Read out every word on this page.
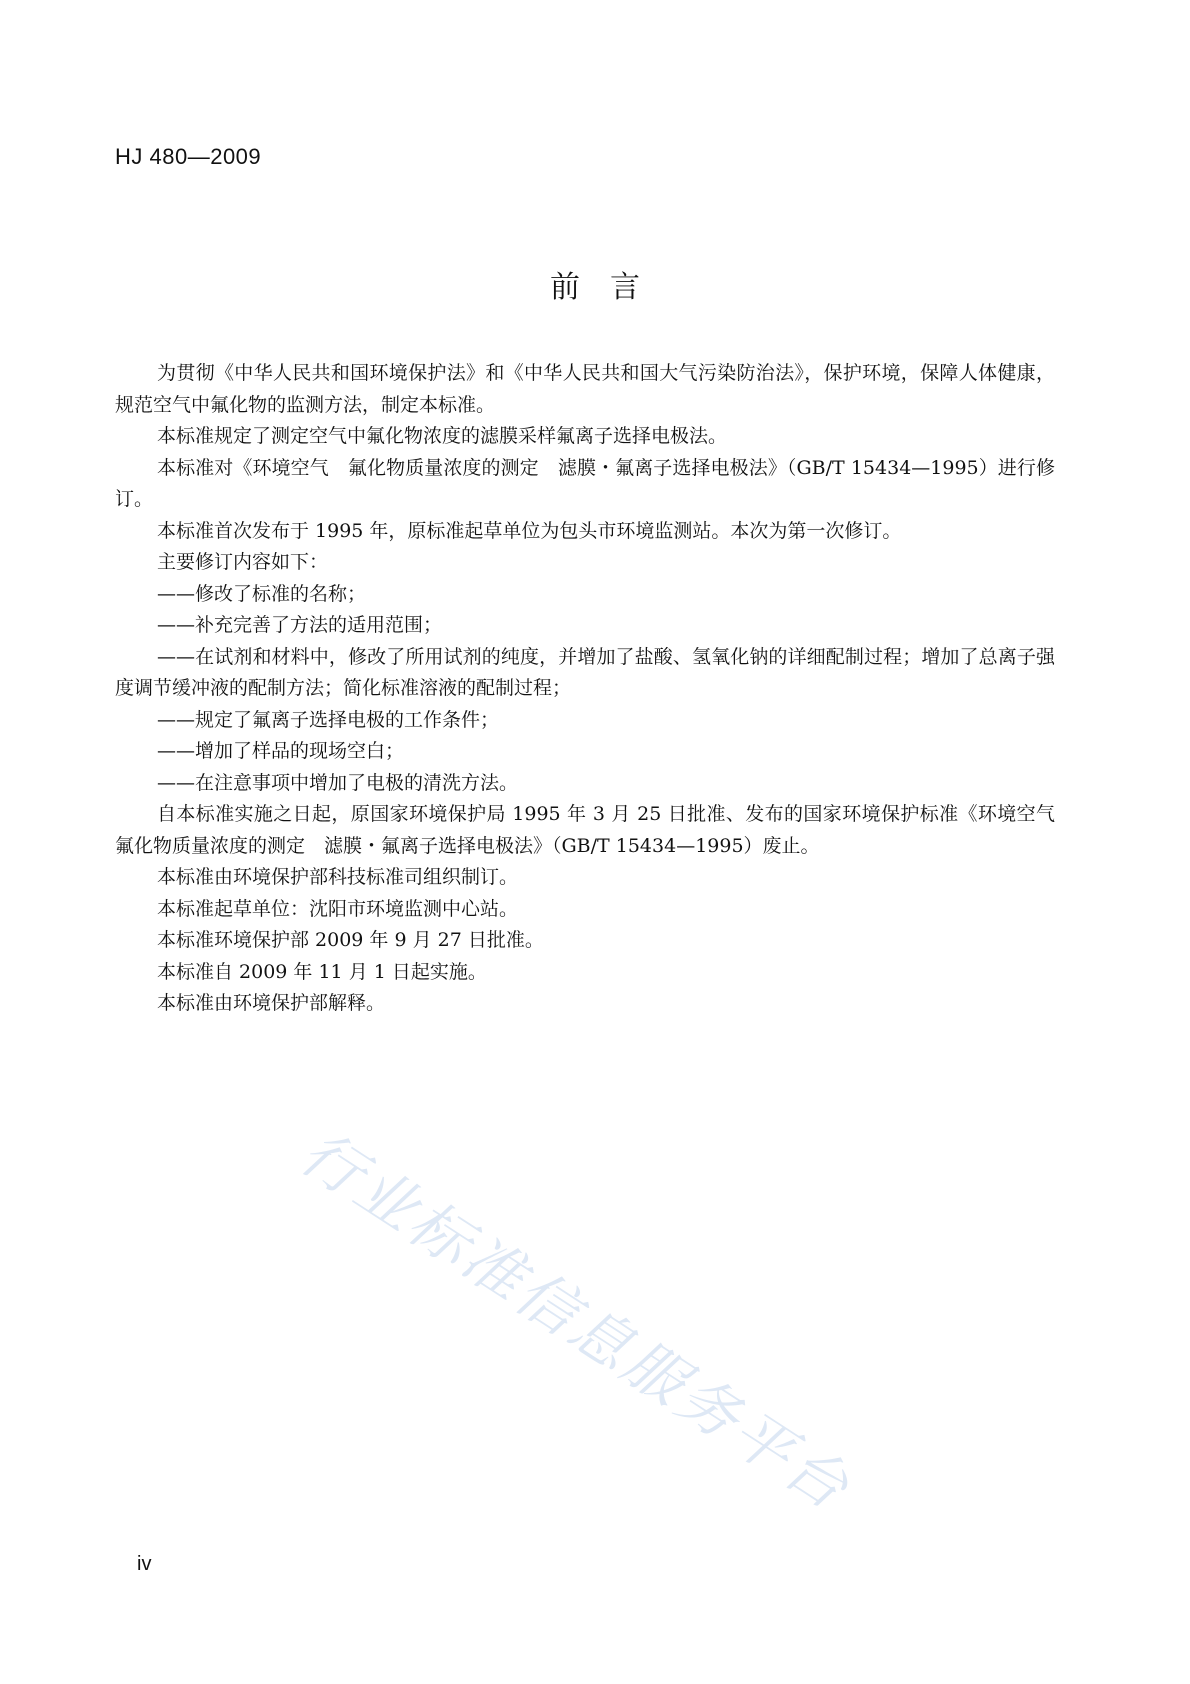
HJ 480—2009
前言

为贯彻《中华人民共和国环境保护法》和《中华人民共和国大气污染防治法》，保护环境，保障人体健康，规范空气中氟化物的监测方法，制定本标准。

本标准规定了测定空气中氟化物浓度的滤膜采样氟离子选择电极法。

本标准对《环境空气　氟化物质量浓度的测定　滤膜・氟离子选择电极法》（GB/T 15434—1995）进行修订。

本标准首次发布于 1995 年，原标准起草单位为包头市环境监测站。本次为第一次修订。

主要修订内容如下：

——修改了标准的名称；

——补充完善了方法的适用范围；

——在试剂和材料中，修改了所用试剂的纯度，并增加了盐酸、氢氧化钠的详细配制过程；增加了总离子强度调节缓冲液的配制方法；简化标准溶液的配制过程；

——规定了氟离子选择电极的工作条件；

——增加了样品的现场空白；

——在注意事项中增加了电极的清洗方法。

自本标准实施之日起，原国家环境保护局 1995 年 3 月 25 日批准、发布的国家环境保护标准《环境空气　氟化物质量浓度的测定　滤膜・氟离子选择电极法》（GB/T 15434—1995）废止。

本标准由环境保护部科技标准司组织制订。

本标准起草单位：沈阳市环境监测中心站。

本标准环境保护部 2009 年 9 月 27 日批准。

本标准自 2009 年 11 月 1 日起实施。

本标准由环境保护部解释。

行业标准信息服务平台
iv
